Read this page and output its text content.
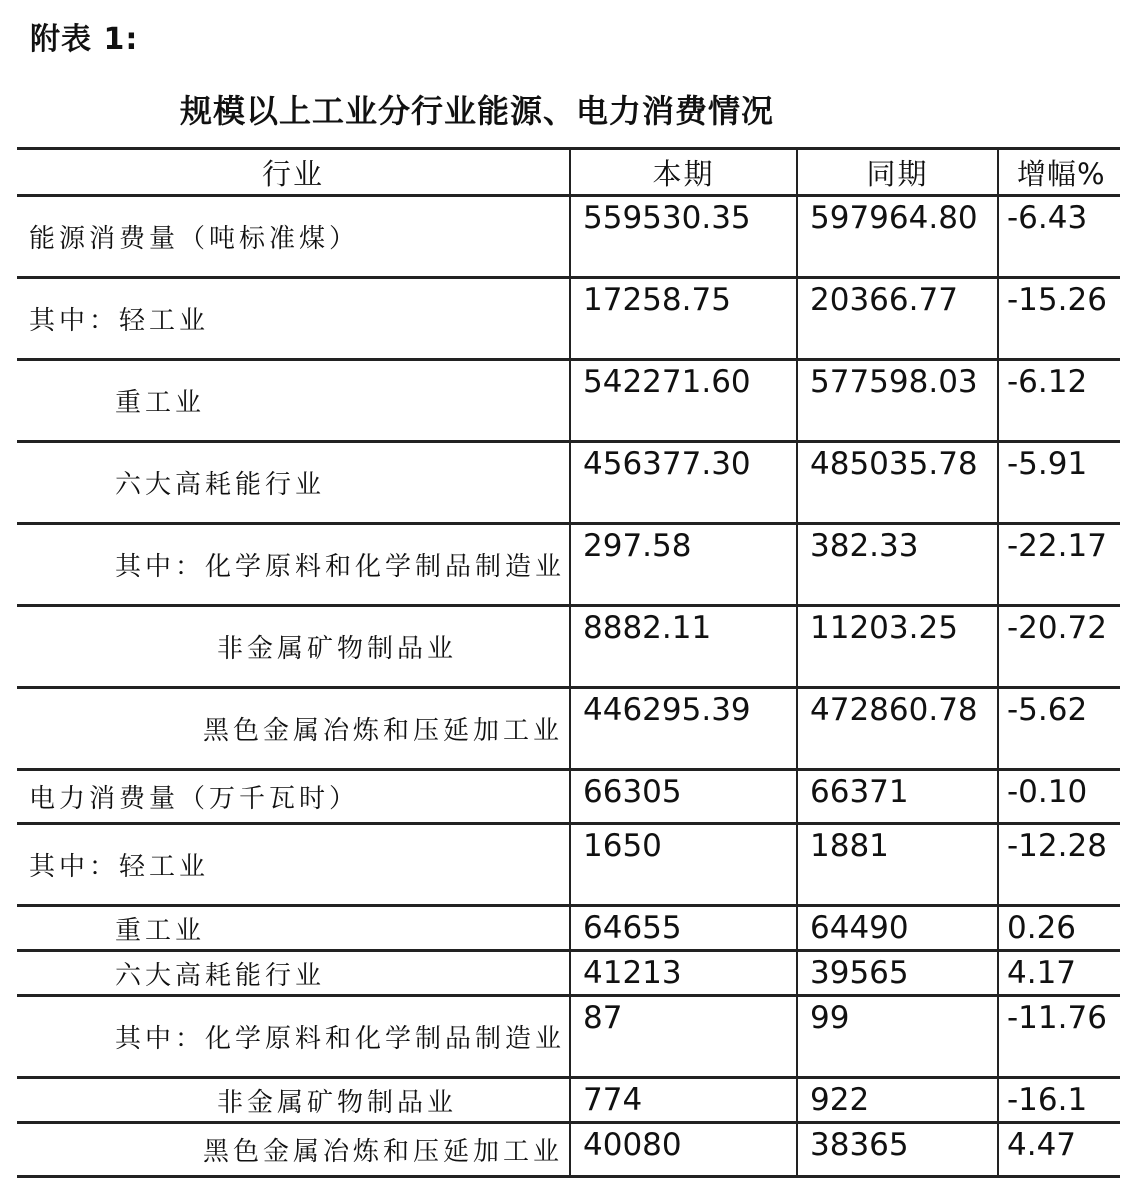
附表 1:
规模以上工业分行业能源、电力消费情况
行业	本期	同期	增幅%
能源消费量（吨标准煤）	559530.35	597964.80	-6.43
其中：轻工业	17258.75	20366.77	-15.26
重工业	542271.60	577598.03	-6.12
六大高耗能行业	456377.30	485035.78	-5.91
其中：化学原料和化学制品制造业	297.58	382.33	-22.17
非金属矿物制品业	8882.11	11203.25	-20.72
黑色金属冶炼和压延加工业	446295.39	472860.78	-5.62
电力消费量（万千瓦时）	66305	66371	-0.10
其中：轻工业	1650	1881	-12.28
重工业	64655	64490	0.26
六大高耗能行业	41213	39565	4.17
其中：化学原料和化学制品制造业	87	99	-11.76
非金属矿物制品业	774	922	-16.1
黑色金属冶炼和压延加工业	40080	38365	4.47
